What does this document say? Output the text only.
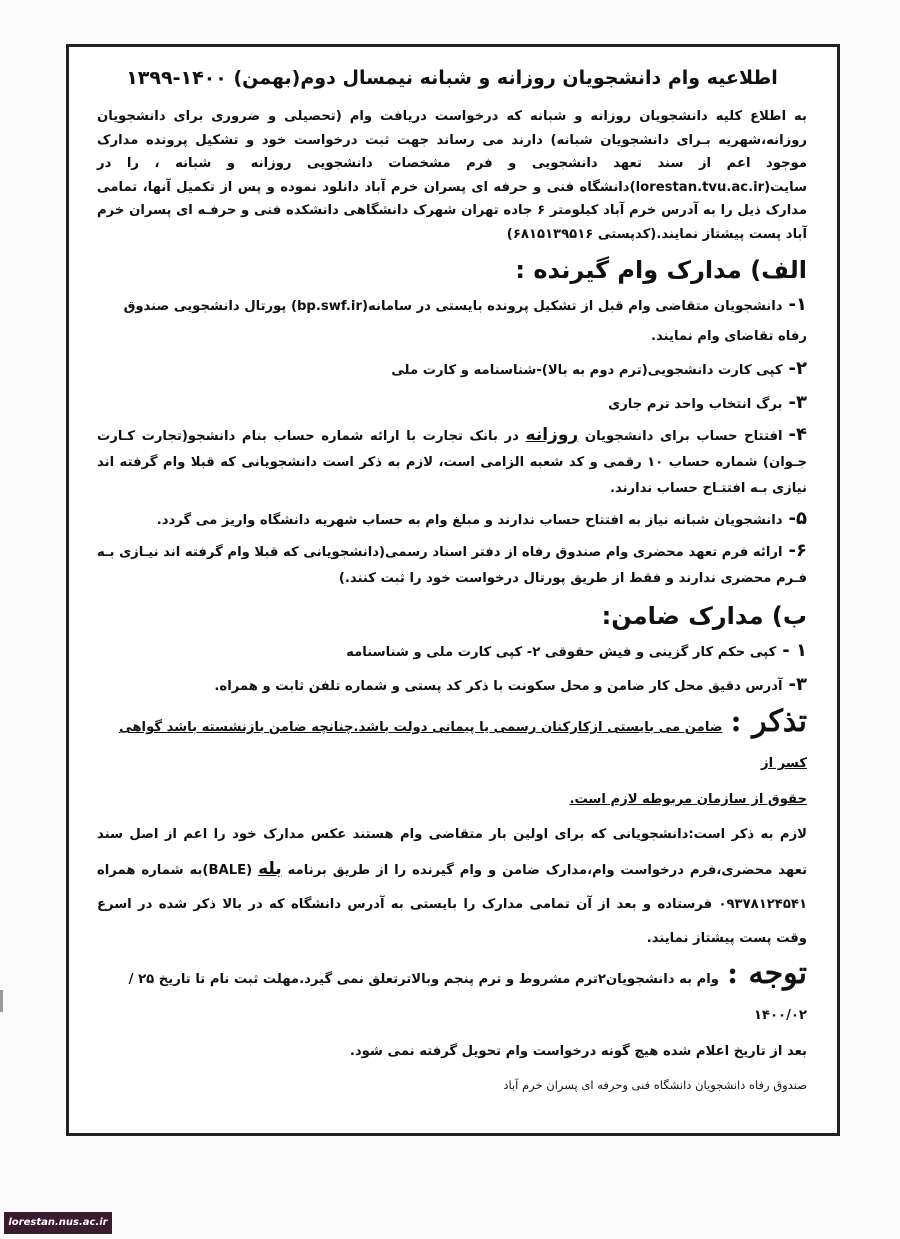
اطلاعیه وام دانشجویان روزانه و شبانه نیمسال دوم(بهمن) ۱۴۰۰-۱۳۹۹
به اطلاع کلیه دانشجویان روزانه و شبانه که درخواست دریافت وام (تحصیلی و ضروری برای دانشجویان روزانه،شهریه بـرای دانشجویان شبانه) دارند می رساند جهت ثبت درخواست خود و تشکیل پرونده مدارک موجود اعم از سند تعهد دانشجویی و فرم مشخصات دانشجویی روزانه و شبانه ، را در سایت(lorestan.tvu.ac.ir)دانشگاه فنی و حرفه ای پسران خرم آباد دانلود نموده و پس از تکمیل آنها، تمامی مدارک ذیل را به آدرس خرم آباد کیلومتر ۶ جاده تهران شهرک دانشگاهی دانشکده فنی و حرفـه ای پسران خرم آباد پست پیشتاز نمایند.(کدپستی ۶۸۱۵۱۳۹۵۱۶)
الف) مدارک وام گیرنده :
۱-دانشجویان متقاضی وام قبل از تشکیل پرونده بایستی در سامانه(bp.swf.ir) پورتال دانشجویی صندوق رفاه تقاضای وام نمایند.
۲-کپی کارت دانشجویی(ترم دوم به بالا)-شناسنامه و کارت ملی
۳-برگ انتخاب واحد ترم جاری
۴-افتتاح حساب برای دانشجویان روزانه در بانک تجارت با ارائه شماره حساب بنام دانشجو(تجارت کـارت جـوان) شماره حساب ۱۰ رقمی و کد شعبه الزامی است، لازم به ذکر است دانشجویانی که قبلا وام گرفته اند نیازی بـه افتتـاح حساب ندارند.
۵-دانشجویان شبانه نیاز به افتتاح حساب ندارند و مبلغ وام به حساب شهریه دانشگاه واریز می گردد.
۶-ارائه فرم تعهد محضری وام صندوق رفاه از دفتر اسناد رسمی(دانشجویانی که قبلا وام گرفته اند نیـازی بـه فـرم محضری ندارند و فقط از طریق پورتال درخواست خود را ثبت کنند.)
ب) مدارک ضامن:
۱ -کپی حکم کار گزینی و فیش حقوقی ۲- کپی کارت ملی و شناسنامه
۳-آدرس دقیق محل کار ضامن و محل سکونت با ذکر کد پستی و شماره تلفن ثابت و همراه.
تذکر :ضامن می بایستی ازکارکنان رسمی یا پیمانی دولت باشد.چنانچه ضامن بازنشسته باشد گواهی کسر از
حقوق از سازمان مربوطه لازم است.
لازم به ذکر است:دانشجویانی که برای اولین بار متقاضی وام هستند عکس مدارک خود را اعم از اصل سند تعهد محضری،فرم درخواست وام،مدارک ضامن و وام گیرنده را از طریق برنامه بله (BALE)به شماره همراه ۰۹۳۷۸۱۲۴۵۴۱ فرستاده و بعد از آن تمامی مدارک را بایستی به آدرس دانشگاه که در بالا ذکر شده در اسرع وقت پست پیشتاز نمایند.
توجه :وام به دانشجویان۲ترم مشروط و ترم پنجم وبالاترتعلق نمی گیرد.مهلت ثبت نام تا تاریخ ۲۵ /۱۴۰۰/۰۲
بعد از تاریخ اعلام شده هیچ گونه درخواست وام تحویل گرفته نمی شود.
صندوق رفاه دانشجویان دانشگاه فنی وحرفه ای پسران خرم آباد
lorestan.nus.ac.ir
